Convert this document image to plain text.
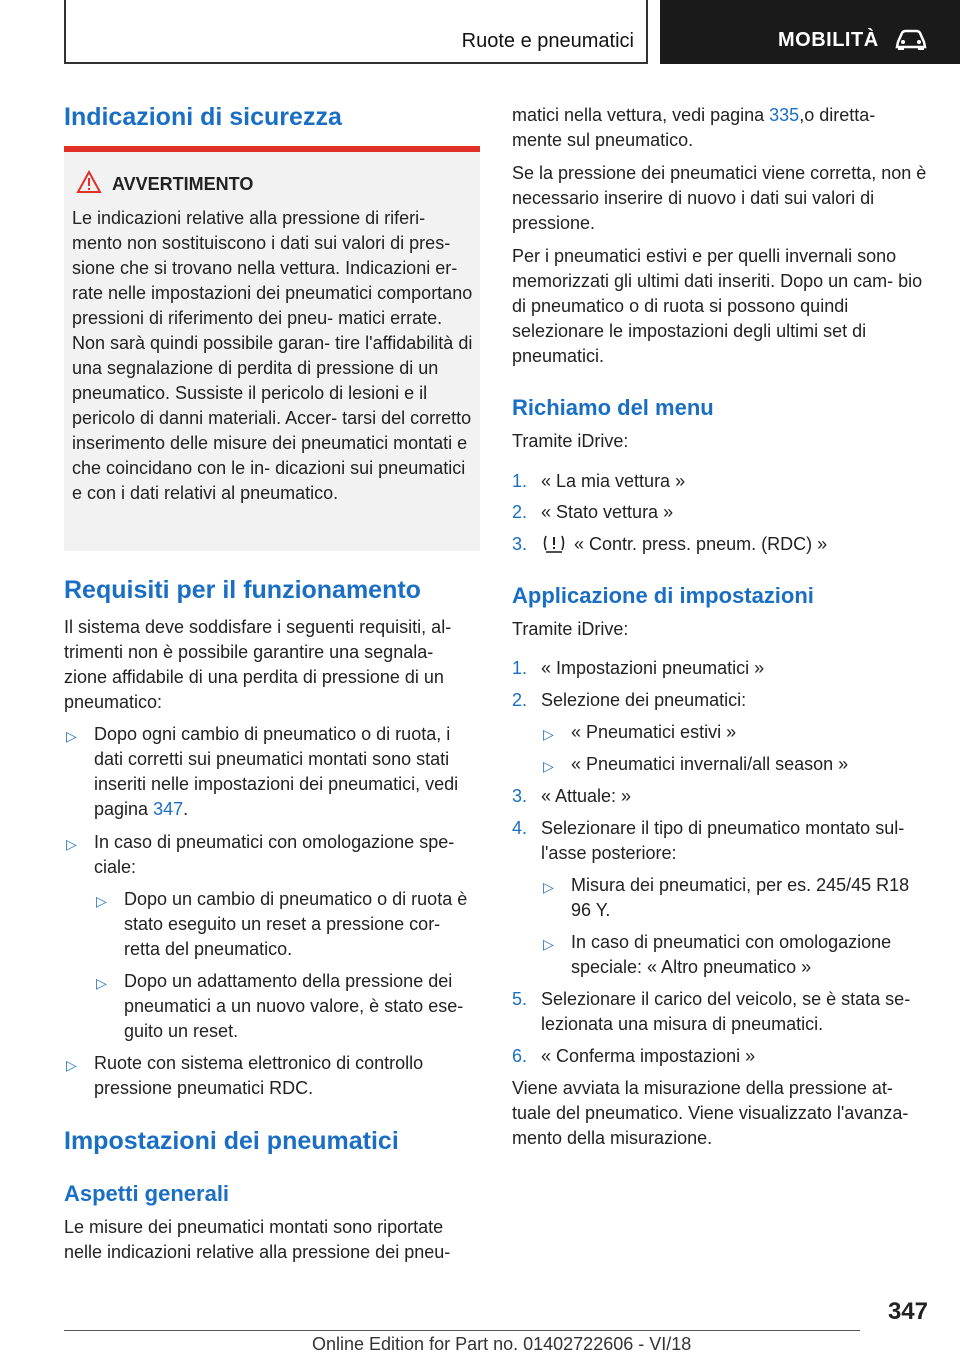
Ruote e pneumatici	MOBILITÀ
Indicazioni di sicurezza
AVVERTIMENTO
Le indicazioni relative alla pressione di riferi- mento non sostituiscono i dati sui valori di pres- sione che si trovano nella vettura. Indicazioni er- rate nelle impostazioni dei pneumatici comportano pressioni di riferimento dei pneu- matici errate. Non sarà quindi possibile garan- tire l'affidabilità di una segnalazione di perdita di pressione di un pneumatico. Sussiste il pericolo di lesioni e il pericolo di danni materiali. Accer- tarsi del corretto inserimento delle misure dei pneumatici montati e che coincidano con le in- dicazioni sui pneumatici e con i dati relativi al pneumatico.
Requisiti per il funzionamento

Il sistema deve soddisfare i seguenti requisiti, al- trimenti non è possibile garantire una segnala- zione affidabile di una perdita di pressione di un pneumatico:

▷ Dopo ogni cambio di pneumatico o di ruota, i dati corretti sui pneumatici montati sono stati inseriti nelle impostazioni dei pneumatici, vedi pagina 347.

▷ In caso di pneumatici con omologazione spe- ciale:

▷ Dopo un cambio di pneumatico o di ruota è stato eseguito un reset a pressione cor- retta del pneumatico.

▷ Dopo un adattamento della pressione dei pneumatici a un nuovo valore, è stato ese- guito un reset.

▷ Ruote con sistema elettronico di controllo pressione pneumatici RDC.

Impostazioni dei pneumatici
Aspetti generali

Le misure dei pneumatici montati sono riportate nelle indicazioni relative alla pressione dei pneu-

matici nella vettura, vedi pagina 335,o diretta- mente sul pneumatico.

Se la pressione dei pneumatici viene corretta, non è necessario inserire di nuovo i dati sui valori di pressione.

Per i pneumatici estivi e per quelli invernali sono memorizzati gli ultimi dati inseriti. Dopo un cam- bio di pneumatico o di ruota si possono quindi selezionare le impostazioni degli ultimi set di pneumatici.

Richiamo del menu

Tramite iDrive:

1. « La mia vettura »

2. « Stato vettura »

3.	« Contr. press. pneum. (RDC) »

Applicazione di impostazioni

Tramite iDrive:

1. « Impostazioni pneumatici »

2. Selezione dei pneumatici:

▷ « Pneumatici estivi »

▷ « Pneumatici invernali/all season »

3. « Attuale: »

4. Selezionare il tipo di pneumatico montato sul- l'asse posteriore:

▷ Misura dei pneumatici, per es. 245/45 R18 96 Y.

▷ In caso di pneumatici con omologazione speciale: « Altro pneumatico »

5. Selezionare il carico del veicolo, se è stata se- lezionata una misura di pneumatici.

6. « Conferma impostazioni »

Viene avviata la misurazione della pressione at- tuale del pneumatico. Viene visualizzato l'avanza- mento della misurazione.

347
Online Edition for Part no. 01402722606 - VI/18
